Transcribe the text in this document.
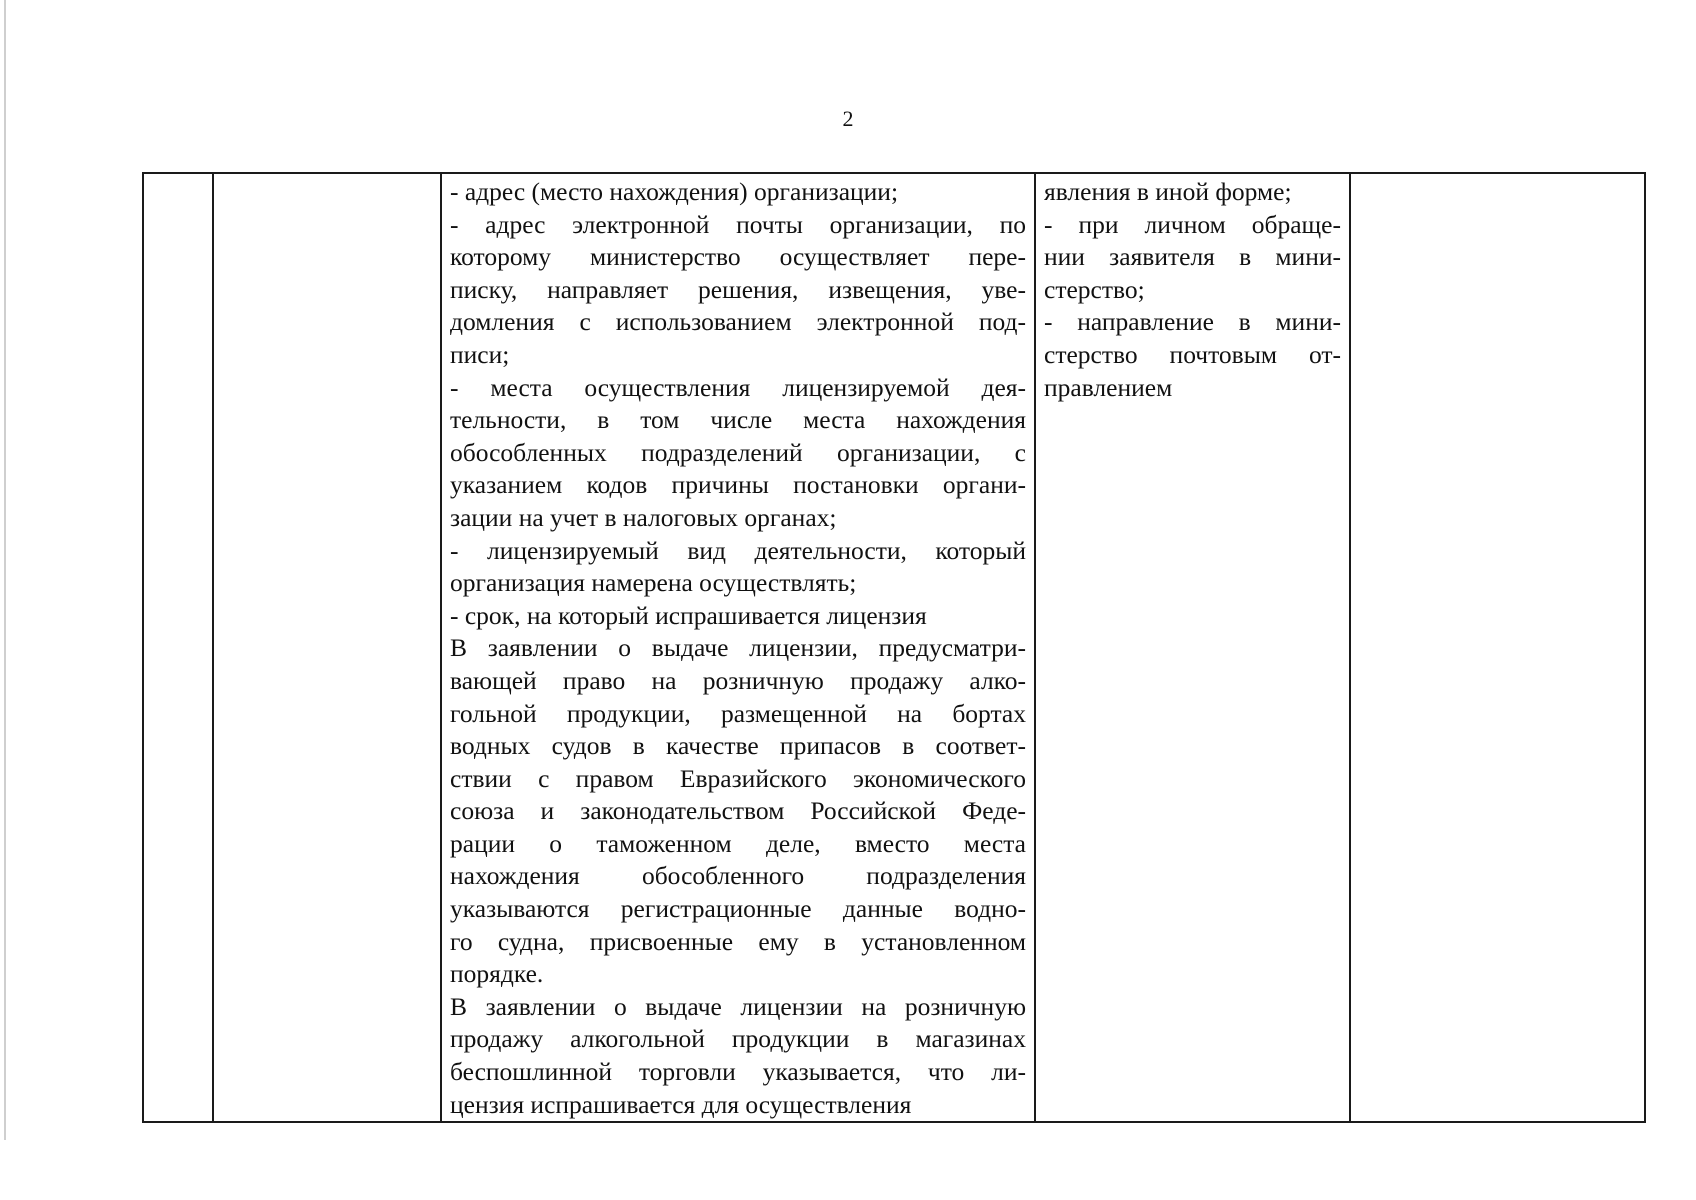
2
- адрес (место нахождения) организации;
- адрес электронной почты организации, по
которому министерство осуществляет пере-
писку, направляет решения, извещения, уве-
домления с использованием электронной под-
писи;
- места осуществления лицензируемой дея-
тельности, в том числе места нахождения
обособленных подразделений организации, с
указанием кодов причины постановки органи-
зации на учет в налоговых органах;
- лицензируемый вид деятельности, который
организация намерена осуществлять;
- срок, на который испрашивается лицензия
В заявлении о выдаче лицензии, предусматри-
вающей право на розничную продажу алко-
гольной продукции, размещенной на бортах
водных судов в качестве припасов в соответ-
ствии с правом Евразийского экономического
союза и законодательством Российской Феде-
рации о таможенном деле, вместо места
нахождения обособленного подразделения
указываются регистрационные данные водно-
го судна, присвоенные ему в установленном
порядке.
В заявлении о выдаче лицензии на розничную
продажу алкогольной продукции в магазинах
беспошлинной торговли указывается, что ли-
цензия испрашивается для осуществления
явления в иной форме;
- при личном обраще-
нии заявителя в мини-
стерство;
- направление в мини-
стерство почтовым от-
правлением
